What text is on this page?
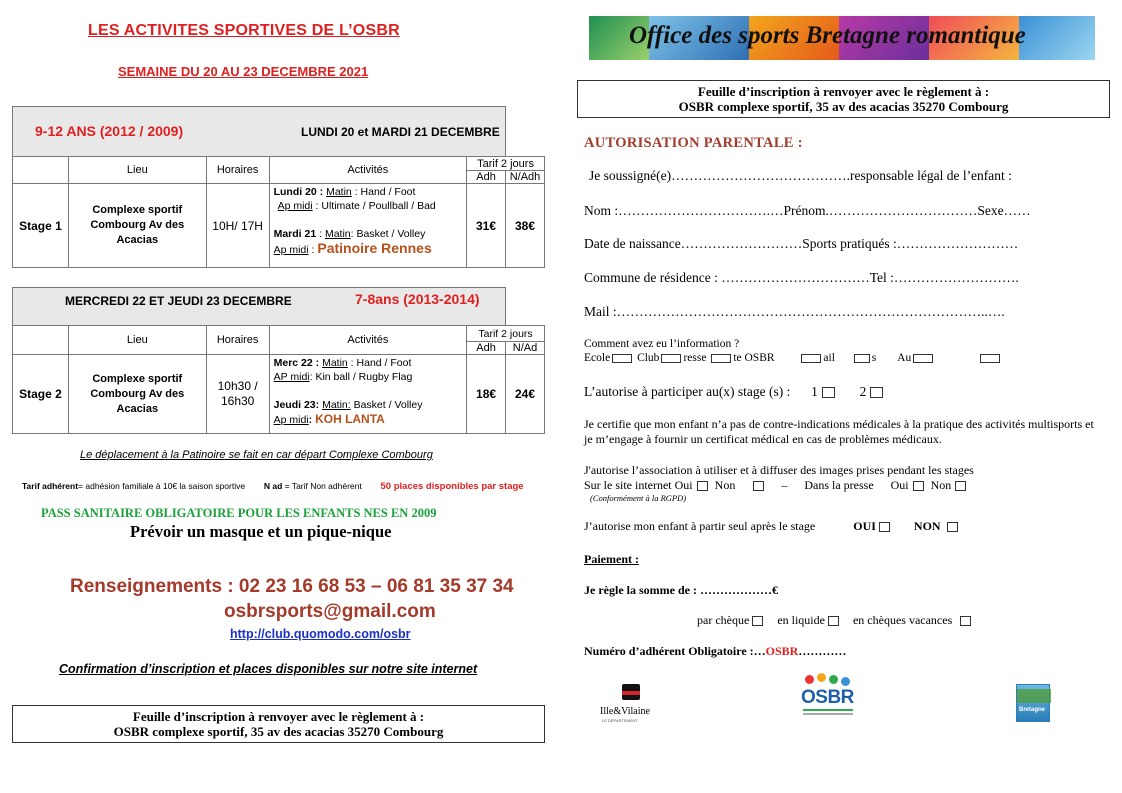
LES ACTIVITES SPORTIVES DE L’OSBR
SEMAINE DU 20 AU 23 DECEMBRE 2021
9-12 ANS (2012 / 2009) LUNDI 20 et MARDI 21 DECEMBRE					

	Lieu	Horaires	Activités	Tarif 2 jours	
				Adh	N/Adh
Stage 1	Complexe sportif Combourg Av des Acacias	10H/ 17H	Lundi 20 : Matin : Hand / Foot
Ap midi : Ultimate / Poullball / Bad
Mardi 21 : Matin: Basket / Volley
Ap midi : Patinoire Rennes	31€	38€
MERCREDI 22 ET JEUDI 23 DECEMBRE 7-8ans (2013-2014)					

	Lieu	Horaires	Activités	Tarif 2 jours	
				Adh	N/Ad
Stage 2	Complexe sportif Combourg Av des Acacias	10h30 / 16h30	Merc 22 : Matin : Hand / Foot
AP midi: Kin ball / Rugby Flag
Jeudi 23: Matin: Basket / Volley
Ap midi: KOH LANTA	18€	24€
Le déplacement à la Patinoire se fait en car départ Complexe Combourg
Tarif adhérent= adhésion familiale à 10€ la saison sportive N ad = Tarif Non adhérent 50 places disponibles par stage
PASS SANITAIRE OBLIGATOIRE POUR LES ENFANTS NES EN 2009
Prévoir un masque et un pique-nique
Renseignements : 02 23 16 68 53 – 06 81 35 37 34
osbrsports@gmail.com
http://club.quomodo.com/osbr
Confirmation d’inscription et places disponibles sur notre site internet
Feuille d’inscription à renvoyer avec le règlement à :
OSBR complexe sportif, 35 av des acacias 35270 Combourg
Office des sports Bretagne romantique
Feuille d’inscription à renvoyer avec le règlement à :
OSBR complexe sportif, 35 av des acacias 35270 Combourg
AUTORISATION PARENTALE :
Je soussigné(e)………………………………….responsable légal de l’enfant :
Nom :…………………………….…Prénom.……………………………Sexe……
Date de naissance………………………Sports pratiqués :………………………
Commune de résidence : ……………………………Tel :……………………….
Mail :………………………………………………………………………..….
Comment avez eu l’information ?
Ecole Club resse te OSBR	ail	s Au
L’autorise à participer au(x) stage (s) : 1	2
Je certifie que mon enfant n’a pas de contre-indications médicales à la pratique des activités multisports et je m’engage à fournir un certificat médical en cas de problèmes médicaux.
J'autorise l’association à utiliser et à diffuser des images prises pendant les stages
Sur le site internet Oui Non	– Dans la presse Oui Non
(Conformément à la RGPD)
J’autorise mon enfant à partir seul après le stage	OUI	NON
Paiement :
Je règle la somme de : ………………€
par chèque en liquide en chèques vacances
Numéro d’adhérent Obligatoire :…OSBR…………
Ille&Vilaine
LE DÉPARTEMENT
OSBR
Bretagne
